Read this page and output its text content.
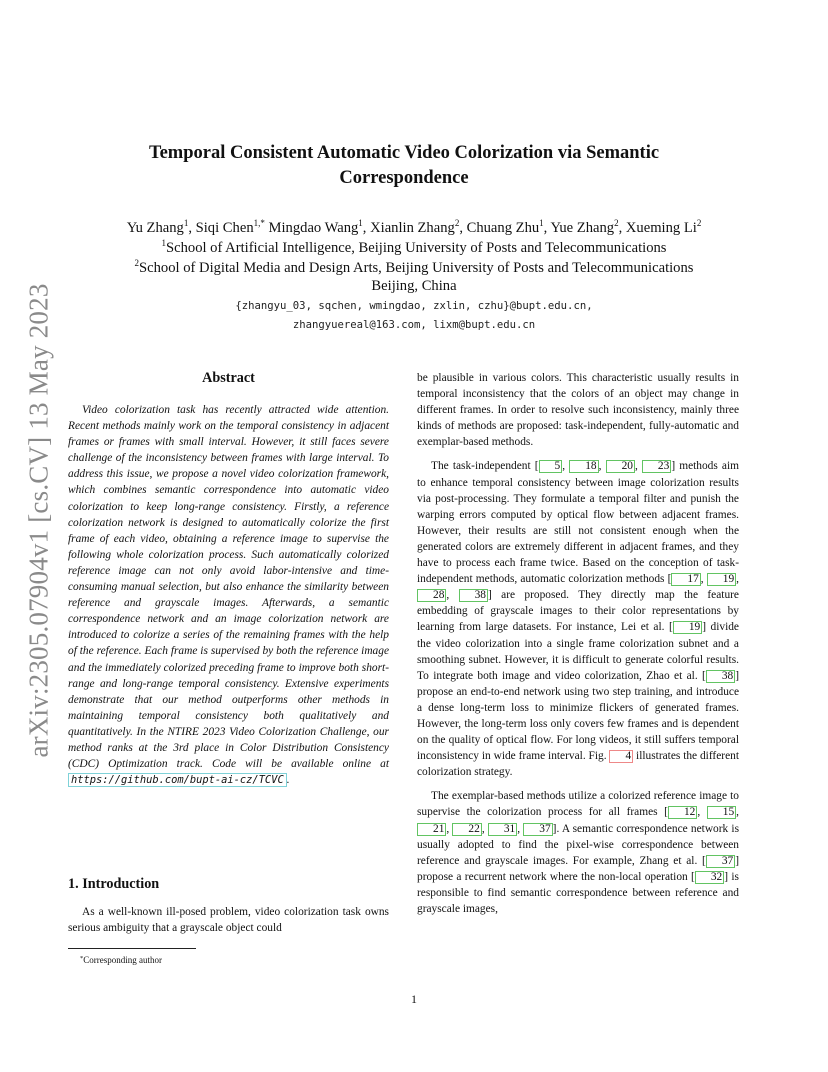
arXiv:2305.07904v1 [cs.CV] 13 May 2023
Temporal Consistent Automatic Video Colorization via Semantic
Correspondence
Yu Zhang$^1$, Siqi Chen$^{1,*}$ Mingdao Wang$^1$, Xianlin Zhang$^2$, Chuang Zhu$^1$, Yue Zhang$^2$, Xueming Li$^2$
$^1$School of Artificial Intelligence, Beijing University of Posts and Telecommunications
$^2$School of Digital Media and Design Arts, Beijing University of Posts and Telecommunications
Beijing, China
{zhangyu_03, sqchen, wmingdao, zxlin, czhu}@bupt.edu.cn,
zhangyuereal@163.com, lixm@bupt.edu.cn
Abstract

Video colorization task has recently attracted wide attention. Recent methods mainly work on the temporal consistency in adjacent frames or frames with small interval. However, it still faces severe challenge of the inconsistency between frames with large interval. To address this issue, we propose a novel video colorization framework, which combines semantic correspondence into automatic video colorization to keep long-range consistency. Firstly, a reference colorization network is designed to automatically colorize the first frame of each video, obtaining a reference image to supervise the following whole colorization process. Such automatically colorized reference image can not only avoid labor-intensive and time-consuming manual selection, but also enhance the similarity between reference and grayscale images. Afterwards, a semantic correspondence network and an image colorization network are introduced to colorize a series of the remaining frames with the help of the reference. Each frame is supervised by both the reference image and the immediately colorized preceding frame to improve both short-range and long-range temporal consistency. Extensive experiments demonstrate that our method outperforms other methods in maintaining temporal consistency both qualitatively and quantitatively. In the NTIRE 2023 Video Colorization Challenge, our method ranks at the 3rd place in Color Distribution Consistency (CDC) Optimization track. Code will be available online at https://github.com/bupt-ai-cz/TCVC .

1. Introduction

As a well-known ill-posed problem, video colorization task owns serious ambiguity that a grayscale object could

be plausible in various colors. This characteristic usually results in temporal inconsistency that the colors of an object may change in different frames. In order to resolve such inconsistency, mainly three kinds of methods are proposed: task-independent, fully-automatic and exemplar-based methods.

The task-independent [ 5 , 18 , 20 , 23 ] methods aim to enhance temporal consistency between image colorization results via post-processing. They formulate a temporal filter and punish the warping errors computed by optical flow between adjacent frames. However, their results are still not consistent enough when the generated colors are extremely different in adjacent frames, and they have to process each frame twice. Based on the conception of task-independent methods, automatic colorization methods [ 17 , 19 , 28 , 38 ] are proposed. They directly map the feature embedding of grayscale images to their color representations by learning from large datasets. For instance, Lei et al. [ 19 ] divide the video colorization into a single frame colorization subnet and a smoothing subnet. However, it is difficult to generate colorful results. To integrate both image and video colorization, Zhao et al. [ 38 ] propose an end-to-end network using two step training, and introduce a dense long-term loss to minimize flickers of generated frames. However, the long-term loss only covers few frames and is dependent on the quality of optical flow. For long videos, it still suffers temporal inconsistency in wide frame interval. Fig. 4 illustrates the different colorization strategy.

The exemplar-based methods utilize a colorized reference image to supervise the colorization process for all frames [ 12 , 15 , 21 , 22 , 31 , 37 ]. A semantic correspondence network is usually adopted to find the pixel-wise correspondence between reference and grayscale images. For example, Zhang et al. [ 37 ] propose a recurrent network where the non-local operation [ 32 ] is responsible to find semantic correspondence between reference and grayscale images,

*Corresponding author
1
